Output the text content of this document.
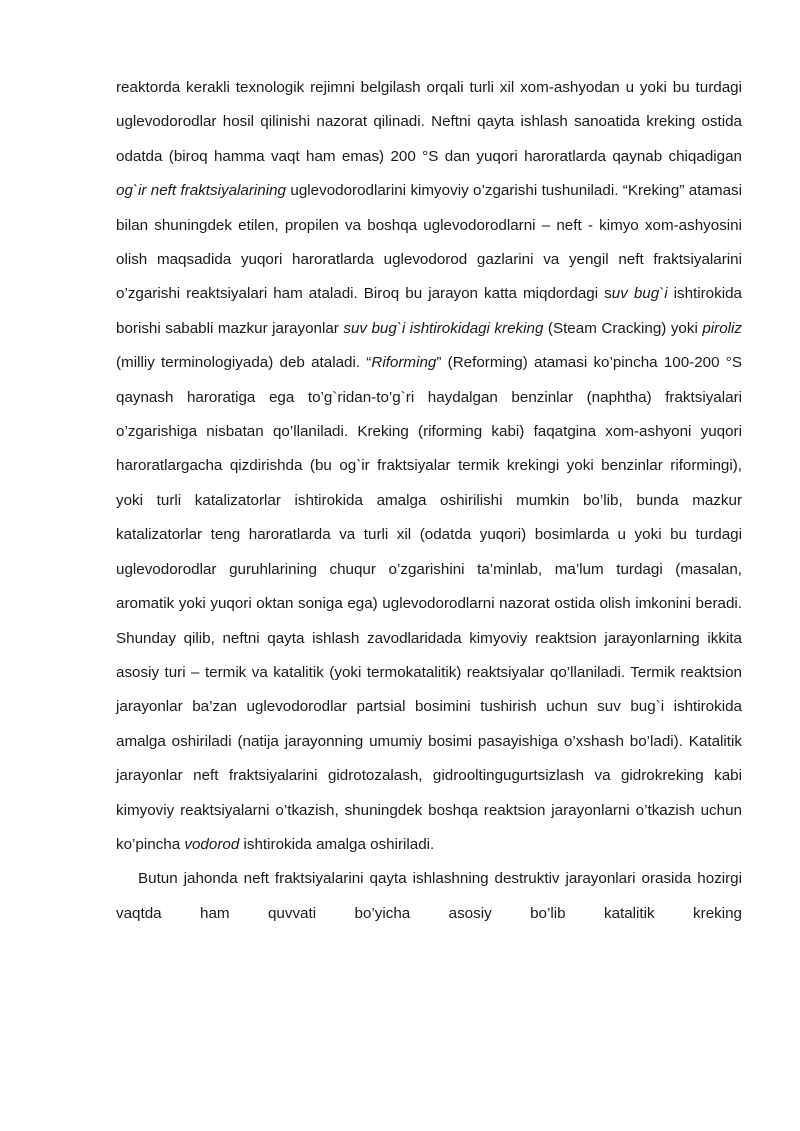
reaktorda kerakli texnologik rejimni belgilash orqali turli xil xom-ashyodan u yoki bu turdagi uglevodorodlar hosil qilinishi nazorat qilinadi. Neftni qayta ishlash sanoatida kreking ostida odatda (biroq hamma vaqt ham emas) 200 °S dan yuqori haroratlarda qaynab chiqadigan og`ir neft fraktsiyalarining uglevodorodlarini kimyoviy o’zgarishi tushuniladi. “Kreking” atamasi bilan shuningdek etilen, propilen va boshqa uglevodorodlarni – neft - kimyo xom-ashyosini olish maqsadida yuqori haroratlarda uglevodorod gazlarini va yengil neft fraktsiyalarini o’zgarishi reaktsiyalari ham ataladi. Biroq bu jarayon katta miqdordagi suv bug`i ishtirokida borishi sababli mazkur jarayonlar suv bug`i ishtirokidagi kreking (Steam Cracking) yoki piroliz (milliy terminologiyada) deb ataladi. “Riforming” (Reforming) atamasi ko’pincha 100-200 °S qaynash haroratiga ega to’g`ridan-to’g`ri haydalgan benzinlar (naphtha) fraktsiyalari o’zgarishiga nisbatan qo’llaniladi. Kreking (riforming kabi) faqatgina xom-ashyoni yuqori haroratlargacha qizdirishda (bu og`ir fraktsiyalar termik krekingi yoki benzinlar riformingi), yoki turli katalizatorlar ishtirokida amalga oshirilishi mumkin bo’lib, bunda mazkur katalizatorlar teng haroratlarda va turli xil (odatda yuqori) bosimlarda u yoki bu turdagi uglevodorodlar guruhlarining chuqur o’zgarishini ta’minlab, ma’lum turdagi (masalan, aromatik yoki yuqori oktan soniga ega) uglevodorodlarni nazorat ostida olish imkonini beradi. Shunday qilib, neftni qayta ishlash zavodlaridada kimyoviy reaktsion jarayonlarning ikkita asosiy turi – termik va katalitik (yoki termokatalitik) reaktsiyalar qo’llaniladi. Termik reaktsion jarayonlar ba’zan uglevodorodlar partsial bosimini tushirish uchun suv bug`i ishtirokida amalga oshiriladi (natija jarayonning umumiy bosimi pasayishiga o’xshash bo’ladi). Katalitik jarayonlar neft fraktsiyalarini gidrotozalash, gidrooltingugurtsizlash va gidrokreking kabi kimyoviy reaktsiyalarni o’tkazish, shuningdek boshqa reaktsion jarayonlarni o’tkazish uchun ko’pincha vodorod ishtirokida amalga oshiriladi.

Butun jahonda neft fraktsiyalarini qayta ishlashning destruktiv jarayonlari orasida hozirgi vaqtda ham quvvati bo’yicha asosiy bo’lib katalitik kreking
